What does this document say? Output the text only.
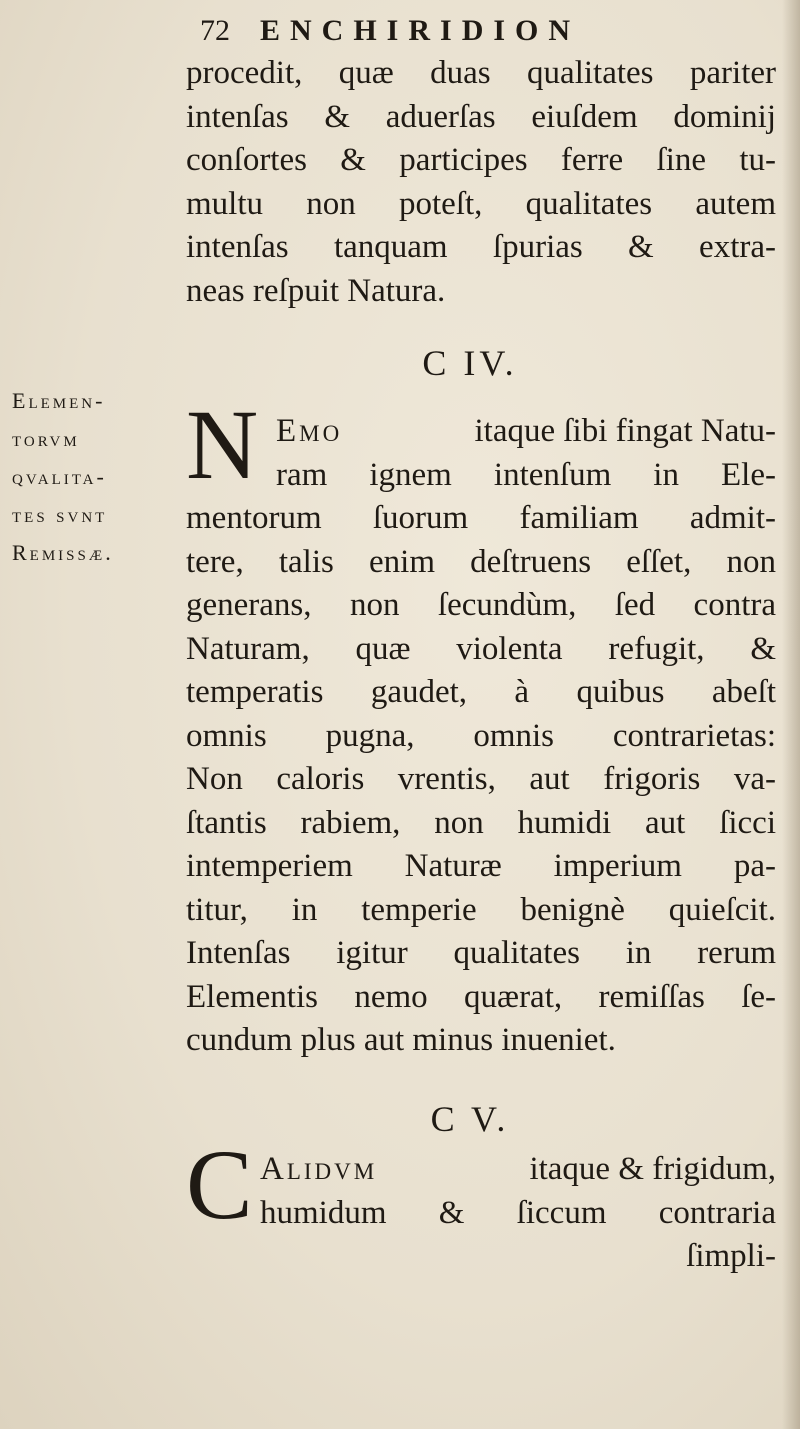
72	ENCHIRIDION
procedit, quæ duas qualitates pariter
intenſas & aduerſas eiuſdem dominij
conſortes & participes ferre ſine tu-
multu non poteſt, qualitates autem
intenſas tanquam ſpurias & extra-
neas reſpuit Natura.
C IV.
Elemen-
torvm
qvalita-
tes svnt
Remissæ.
N Emo	itaque ſibi fingat Natu-
ram ignem intenſum in Ele-
mentorum ſuorum familiam admit-
tere, talis enim deſtruens eſſet, non
generans, non ſecundùm, ſed contra
Naturam, quæ violenta refugit, &
temperatis gaudet, à quibus abeſt
omnis pugna, omnis contrarietas:
Non caloris vrentis, aut frigoris va-
ſtantis rabiem, non humidi aut ſicci
intemperiem Naturæ imperium pa-
titur, in temperie benignè quieſcit.
Intenſas igitur qualitates in rerum
Elementis nemo quærat, remiſſas ſe-
cundum plus aut minus inueniet.
C V.
C Alidvm	itaque & frigidum,
humidum & ſiccum contraria
ſimpli-
